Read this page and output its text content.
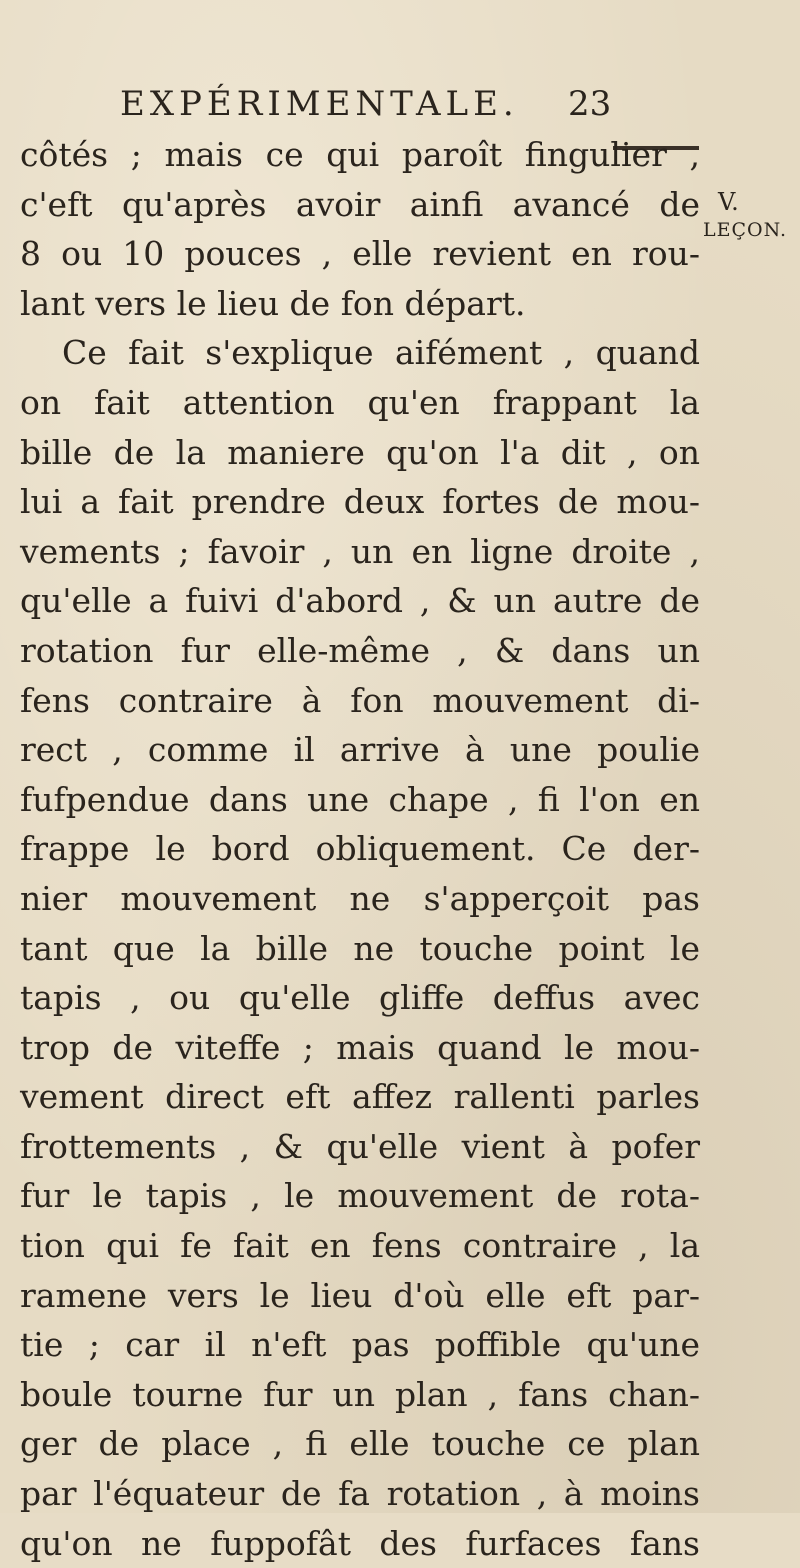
EXPÉRIMENTALE. 23
V.
LEÇON.
côtés ; mais ce qui paroît fingulier ,
c'eft qu'après avoir ainfi avancé de
8 ou 10 pouces , elle revient en rou-
lant vers le lieu de fon départ.
Ce fait s'explique aifément , quand
on fait attention qu'en frappant la
bille de la maniere qu'on l'a dit , on
lui a fait prendre deux fortes de mou-
vements ; favoir , un en ligne droite ,
qu'elle a fuivi d'abord , & un autre de
rotation fur elle-même , & dans un
fens contraire à fon mouvement di-
rect , comme il arrive à une poulie
fufpendue dans une chape , fi l'on en
frappe le bord obliquement. Ce der-
nier mouvement ne s'apperçoit pas
tant que la bille ne touche point le
tapis , ou qu'elle gliffe deffus avec
trop de viteffe ; mais quand le mou-
vement direct eft affez rallenti parles
frottements , & qu'elle vient à pofer
fur le tapis , le mouvement de rota-
tion qui fe fait en fens contraire , la
ramene vers le lieu d'où elle eft par-
tie ; car il n'eft pas poffible qu'une
boule tourne fur un plan , fans chan-
ger de place , fi elle touche ce plan
par l'équateur de fa rotation , à moins
qu'on ne fuppofât des furfaces fans
